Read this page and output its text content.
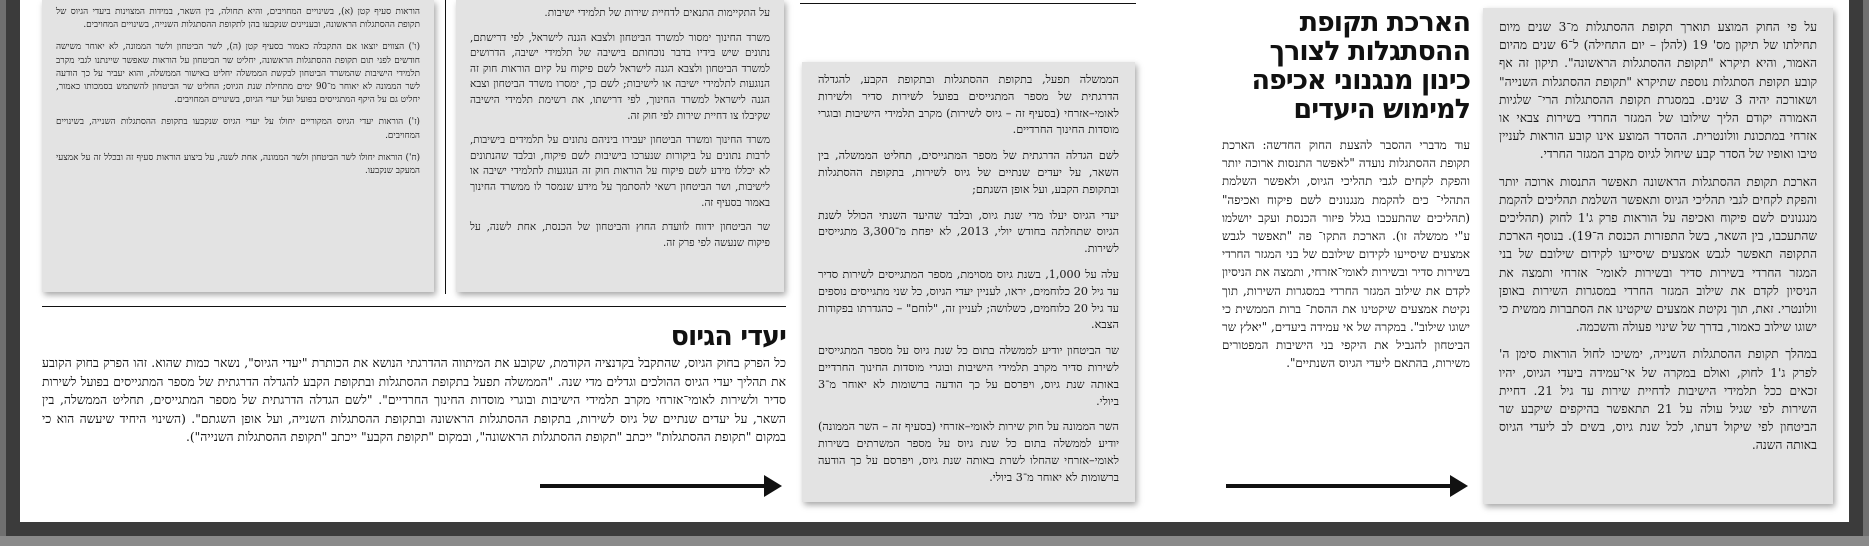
על פי החוק המוצע תוארך תקופת ההסתגלות מ־3 שנים מיום תחילתו של תיקון מס' 19 (להלן – יום התחילה) ל־6 שנים מהיום האמור, והיא תיקרא "תקופת ההסתגלות הראשונה". תיקון זה אף קובע תקופת הסתגלות נוספת שתיקרא "תקופת ההסתגלות השנייה" ושאורכה יהיה 3 שנים. במסגרת תקופת ההסתגלות הרי־ שלגיות האמורה יקודם הליך שילובו של המגזר החרדי בשירות צבאי או אזרחי במתכונת וולונטרית. ההסדר המוצע אינו קובע הוראות לעניין טיבו ואופיו של הסדר קבע שיחול לגיוס מקרב המגזר החרדי.

הארכת תקופת ההסתגלות הראשונה תאפשר התנסות ארוכה יותר והפקת לקחים לגבי תהליכי הגיוס ותאפשר השלמת תהליכים להקמת מנגנונים לשם פיקוח ואכיפה על הוראות פרק ג'1 לחוק (תהליכים שהתעכבו, בין השאר, בשל התפזרות הכנסת ה־19). בנוסף הארכת התקופה תאפשר לגבש אמצעים שיסייעו לקידום שילובם של בני המגזר החרדי בשירות סדיר ובשירות לאומי־ אזרחי ותמצה את הניסיון לקדם את שילוב המגזר החרדי במסגרות השירות באופן וולונטרי. זאת, תוך נקיטת אמצעים שיקטינו את הסתברות ממשית כי ישוגו שילוב כאמור, בדרך של שינוי פעולה והשכמה.

במהלך תקופת ההסתגלות השנייה, ימשיכו לחול הוראות סימן ה' לפרק ג'1 לחוק, ואולם במקרה של אי־עמידה ביעדי הגיוס, יהיו זכאים ככל תלמידי הישיבות לדחיית שירות עד גיל 21. דחיית השירות לפי שגיל עולה על 21 תתאפשר בהיקפים שיקבע שר הביטחון לפי שיקול דעתו, לכל שנת גיוס, בשים לב ליעדי הגיוס באותה השנה.

הארכת תקופת ההסתגלות לצורך כינון מנגנוני אכיפה למימוש היעדים
עוד מדברי ההסבר להצעת החוק החדשה: הארכת תקופת ההסתגלות נועדה "לאפשר התנסות ארוכה יותר והפקת לקחים לגבי תהליכי הגיוס, ולאפשר השלמת התהלי־ כים להקמת מנגנונים לשם פיקוח ואכיפה" (תהליכים שהתעכבו בגלל פיזור הכנסת ועקב יושלמו ע"י ממשלה זו). הארכת התקו־ פה "תאפשר לגבש אמצעים שיסייעו לקידום שילובם של בני המגזר החרדי בשירות סדיר ובשירות לאומי־אזרחי, ותמצה את הניסיון לקדם את שילוב המגזר החרדי במסגרות השירות, תוך נקיטת אמצעים שיקטינו את ההסת־ ברות הממשית כי ישוגו שילוב". במקרה של אי עמידה ביעדים, "יאלץ שר הביטחון להגביל את היקפי בני הישיבות המפטורים משירות, בהתאם ליעדי הגיוס השנתיים".

הממשלה תפעל, בתקופת ההסתגלות ובתקופת הקבע, להגדלה הדרגתית של מספר המתגייסים בפועל לשירות סדיר ולשירות לאומי–אזרחי (בסעיף זה – גיוס לשירות) מקרב תלמידי הישיבות ובוגרי מוסדות החינוך החרדיים.

לשם הגדלה הדרגתית של מספר המתגייסים, תחליט הממשלה, בין השאר, על יעדים שנתיים של גיוס לשירות, בתקופת ההסתגלות ובתקופת הקבע, ועל אופן השגתם;

יעדי הגיוס יעלו מדי שנת גיוס, ובלבד שהיעד השנתי הכולל לשנת הגיוס שתחלתה בחודש יולי, 2013, לא יפחת מ־3,300 מתגייסים לשירות.

עלה על 1,000, בשנת גיוס מסוימת, מספר המתגייסים לשירות סדיר עד גיל 20 כלוחמים, יראו, לעניין יעדי הגיוס, כל שני מתגייסים נוספים עד גיל 20 כלוחמים, כשלושה; לעניין זה, "לוחם" – כהגדרתו בפקודות הצבא.

שר הביטחון יודיע לממשלה בתום כל שנת גיוס על מספר המתגייסים לשירות סדיר מקרב תלמידי הישיבות ובוגרי מוסדות החינוך החרדיים באותה שנת גיוס, ויפרסם על כך הודעה ברשומות לא יאוחר מ־3 ביולי.

השר הממונה על חוק שירות לאומי–אזרחי (בסעיף זה – השר הממונה) יודיע לממשלה בתום כל שנת גיוס על מספר המשרתים בשירות לאומי–אזרחי שהחלו לשרת באותה שנת גיוס, ויפרסם על כך הודעה ברשומות לא יאוחר מ־3 ביולי.

על התקיימות התנאים לדחיית שירות של תלמידי ישיבות.

משרד החינוך ימסור למשרד הביטחון ולצבא הגנה לישראל, לפי דרישתם, נתונים שיש בידיו בדבר נוכחותם בישיבה של תלמידי ישיבה, הדרושים למשרד הביטחון ולצבא הגנה לישראל לשם פיקוח על קיום הוראות חוק זה הנוגעות לתלמידי ישיבה או לישיבות; לשם כך, ימסרו משרד הביטחון וצבא הגנה לישראל למשרד החינוך, לפי דרישתו, את רשימת תלמידי הישיבה שקיבלו צו דחיית שירות לפי חוק זה.

משרד החינוך ומשרד הביטחון יעבירו ביניהם נתונים על תלמידים בישיבות, לרבות נתונים על ביקורות שנערכו בישיבות לשם פיקוח, ובלבד שהנתונים לא יכללו מידע לשם פיקוח על הוראות חוק זה הנוגעות לתלמידי ישיבה או לישיבות, ושר הביטחון רשאי להסתמך על מידע שנמסר לו ממשרד החינוך באמור בסעיף זה.

שר הביטחון ידווח לוועדת החוץ והביטחון של הכנסת, אחת לשנה, על פיקוח שנעשה לפי פרק זה.

הוראות סעיף קטן (א), בשינויים המחויבים, והיא תחולה, בין השאר, במידות המצוינות ביעדי הגיוס של תקופת ההסתגלות הראשונה, ובעניינים שנקבעו בהן לתקופת ההסתגלות השנייה, בשינויים המחויבים.

(ו') הצווים יוצאו אם התקבלה כאמור בסעיף קטן (ה), לשר הביטחון ולשר הממונה, לא יאוחר משישה חודשים לפני תום תקופת ההסתגלות הראשונה, יחליט שר הביטחון על הוראות שאפשר שיינתנו לגבי מקרב תלמידי הישיבות שהמשרד הביטחון לבקשת הממשלה יחליט באישור הממשלה, והוא יעביר על כך הודעה לשר הממונה לא יאוחר מ־90 ימים מתחילת שנת הגיוס; החליט שר הביטחון להשתמש בסמכותו כאמור, יחליט גם על היקף המתגייסים בפועל ועל יעדי הגיוס, בשינויים המחויבים.

(ז') הוראות יעדי הגיוס המקוריים יחולו על יעדי הגיוס שנקבעו בתקופת ההסתגלות השנייה, בשינויים המחויבים.

(ח') הוראות יחולו לשר הביטחון ולשר הממונה, אחת לשנה, על ביצוע הוראות סעיף זה ובכלל זה על אמצעי המעקב שנקבעו.

יעדי הגיוס
כל הפרק בחוק הגיוס, שהתקבל בקדנציה הקודמת, שקובע את המיתווה ההדרגתי הנושא את הכותרת "יעדי הגיוס", נשאר כמות שהוא. זהו הפרק בחוק הקובע את תהליך יעדי הגיוס ההולכים וגדלים מדי שנה. "הממשלה תפעל בתקופת ההסתגלות ובתקופת הקבע להגדלה הדרגתית של מספר המתגייסים בפועל לשירות סדיר ולשירות לאומי־אזרחי מקרב תלמידי הישיבות ובוגרי מוסדות החינוך החרדיים". "לשם הגדלה הדרגתית של מספר המתגייסים, תחליט הממשלה, בין השאר, על יעדים שנתיים של גיוס לשירות, בתקופת ההסתגלות הראשונה ובתקופת ההסתגלות השנייה, ועל אופן השגתם". (השינוי היחיד שיעשה הוא כי במקום "תקופת ההסתגלות" ייכתב "תקופת ההסתגלות הראשונה", ובמקום "תקופת הקבע" ייכתב "תקופת ההסתגלות השנייה").
